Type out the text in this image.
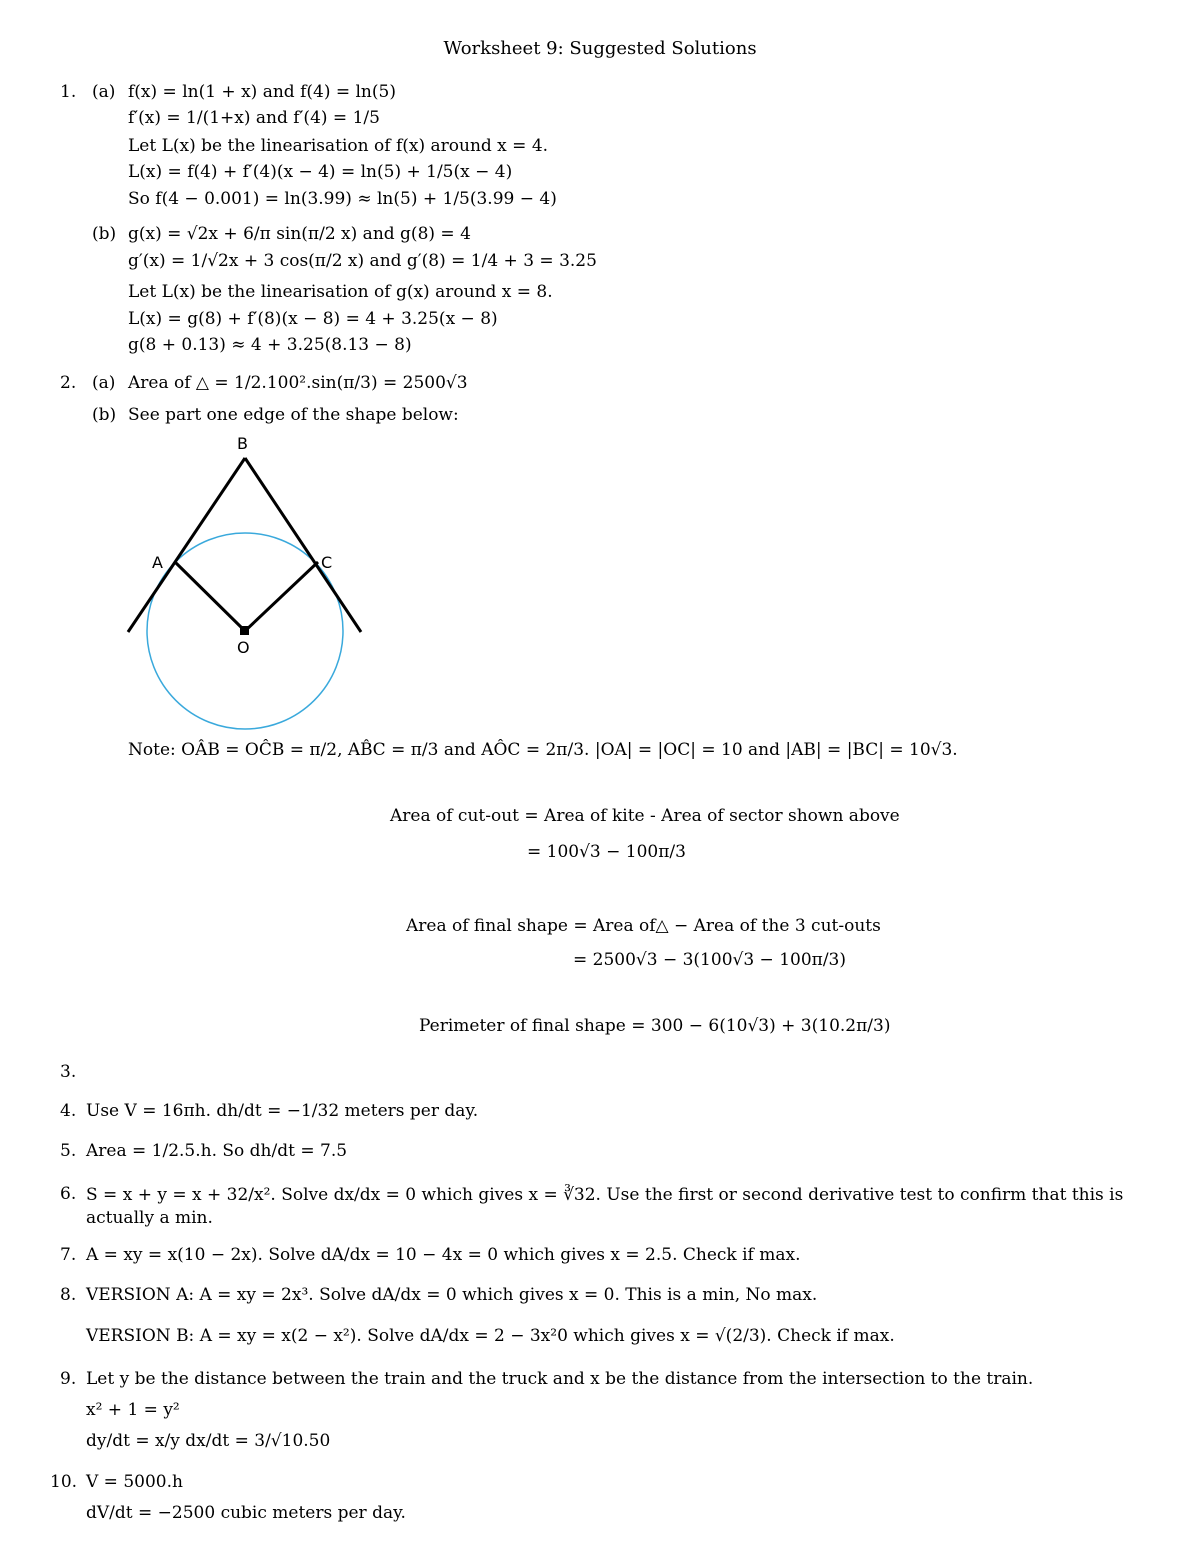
Worksheet 9: Suggested Solutions
1. (a) f(x) = ln(1 + x) and f(4) = ln(5)
f′(x) = 1/(1+x) and f′(4) = 1/5
Let L(x) be the linearisation of f(x) around x = 4.
L(x) = f(4) + f′(4)(x − 4) = ln(5) + 1/5(x − 4)
So f(4 − 0.001) = ln(3.99) ≈ ln(5) + 1/5(3.99 − 4)
(b) g(x) = √2x + 6/π sin(π/2 x) and g(8) = 4
g′(x) = 1/√2x + 3 cos(π/2 x) and g′(8) = 1/4 + 3 = 3.25
Let L(x) be the linearisation of g(x) around x = 8.
L(x) = g(8) + f′(8)(x − 8) = 4 + 3.25(x − 8)
g(8 + 0.13) ≈ 4 + 3.25(8.13 − 8)
2. (a) Area of △ = 1/2.100².sin(π/3) = 2500√3
(b) See part one edge of the shape below:
B
A	C
O
Note: OÂB = OĈB = π/2, AB̂C = π/3 and AÔC = 2π/3. |OA| = |OC| = 10 and |AB| = |BC| = 10√3.
Area of cut-out = Area of kite - Area of sector shown above
= 100√3 − 100π/3
Area of final shape = Area of△ − Area of the 3 cut-outs
= 2500√3 − 3(100√3 − 100π/3)
Perimeter of final shape = 300 − 6(10√3) + 3(10.2π/3)
3.
4. Use V = 16πh. dh/dt = −1/32 meters per day.
5. Area = 1/2.5.h. So dh/dt = 7.5
6. S = x + y = x + 32/x². Solve dx/dx = 0 which gives x = ∛32. Use the first or second derivative test to confirm that this is actually a min.
7. A = xy = x(10 − 2x). Solve dA/dx = 10 − 4x = 0 which gives x = 2.5. Check if max.
8. VERSION A: A = xy = 2x³. Solve dA/dx = 0 which gives x = 0. This is a min, No max.
VERSION B: A = xy = x(2 − x²). Solve dA/dx = 2 − 3x²0 which gives x = √(2/3). Check if max.
9. Let y be the distance between the train and the truck and x be the distance from the intersection to the train.
x² + 1 = y²
dy/dt = x/y dx/dt = 3/√10.50
10. V = 5000.h
dV/dt = −2500 cubic meters per day.
